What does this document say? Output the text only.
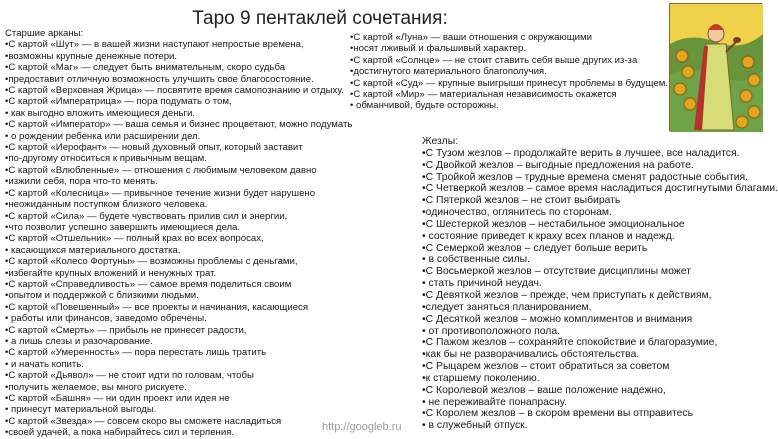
Таро 9 пентаклей сочетания:
Старшие арканы:
•С картой «Шут» — в вашей жизни наступают непростые времена,
•возможны крупные денежные потери.
•С картой «Маг» — следует быть внимательным, скоро судьба
•предоставит отличную возможность улучшить свое благосостояние.
•С картой «Верховная Жрица» — посвятите время самопознанию и отдыху.
•С картой «Императрица» — пора подумать о том,
• как выгодно вложить имеющиеся деньги.
•С картой «Император» — ваша семья и бизнес процветают, можно подумать
• о рождении ребенка или расширении дел.
•С картой «Иерофант» — новый духовный опыт, который заставит
•по-другому относиться к привычным вещам.
•С картой «Влюбленные» — отношения с любимым человеком давно
•изжили себя, пора что-то менять.
•С картой «Колесница» — привычное течение жизни будет нарушено
•неожиданным поступком близкого человека.
•С картой «Сила» — будете чувствовать прилив сил и энергии,
•что позволит успешно завершить имеющиеся дела.
•С картой «Отшельник» — полный крах во всех вопросах,
• касающихся материального достатка.
•С картой «Колесо Фортуны» — возможны проблемы с деньгами,
•избегайте крупных вложений и ненужных трат.
•С картой «Справедливость» — самое время поделиться своим
•опытом и поддержкой с близкими людьми.
•С картой «Повешенный» — все проекты и начинания, касающиеся
• работы или финансов, заведомо обречены.
•С картой «Смерть» — прибыль не принесет радости,
• а лишь слезы и разочарование.
•С картой «Умеренность» — пора перестать лишь тратить
• и начать копить.
•С картой «Дьявол» — не стоит идти по головам, чтобы
•получить желаемое, вы много рискуете.
•С картой «Башня» — ни один проект или идея не
• принесут материальной выгоды.
•С картой «Звезда» — совсем скоро вы сможете насладиться
•своей удачей, а пока набирайтесь сил и терпения.
•С картой «Луна» — ваши отношения с окружающими
•носят лживый и фальшивый характер.
•С картой «Солнце» — не стоит ставить себя выше других из-за
•достигнутого материального благополучия.
•С картой «Суд» — крупные выигрыши принесут проблемы в будущем.
•С картой «Мир» — материальная независимость окажется
• обманчивой, будьте осторожны.
Жезлы:
•С Тузом жезлов – продолжайте верить в лучшее, все наладится.
•С Двойкой жезлов – выгодные предложения на работе.
•С Тройкой жезлов – трудные времена сменят радостные события.
•С Четверкой жезлов – самое время насладиться достигнутыми благами.
•С Пятеркой жезлов – не стоит выбирать
•одиночество, оглянитесь по сторонам.
•С Шестеркой жезлов – нестабильное эмоциональное
• состояние приведет к краху всех планов и надежд.
•С Семеркой жезлов – следует больше верить
• в собственные силы.
•С Восьмеркой жезлов – отсутствие дисциплины может
• стать причиной неудач.
•С Девяткой жезлов – прежде, чем приступать к действиям,
•следует заняться планированием.
•С Десяткой жезлов – можно комплиментов и внимания
• от противоположного пола.
•С Пажом жезлов – сохраняйте спокойствие и благоразумие,
•как бы не разворачивались обстоятельства.
•С Рыцарем жезлов – стоит обратиться за советом
•к старшему поколению.
•С Королевой жезлов – ваше положение надежно,
• не переживайте понапрасну.
•С Королем жезлов – в скором времени вы отправитесь
• в служебный отпуск.
http://googleb.ru
